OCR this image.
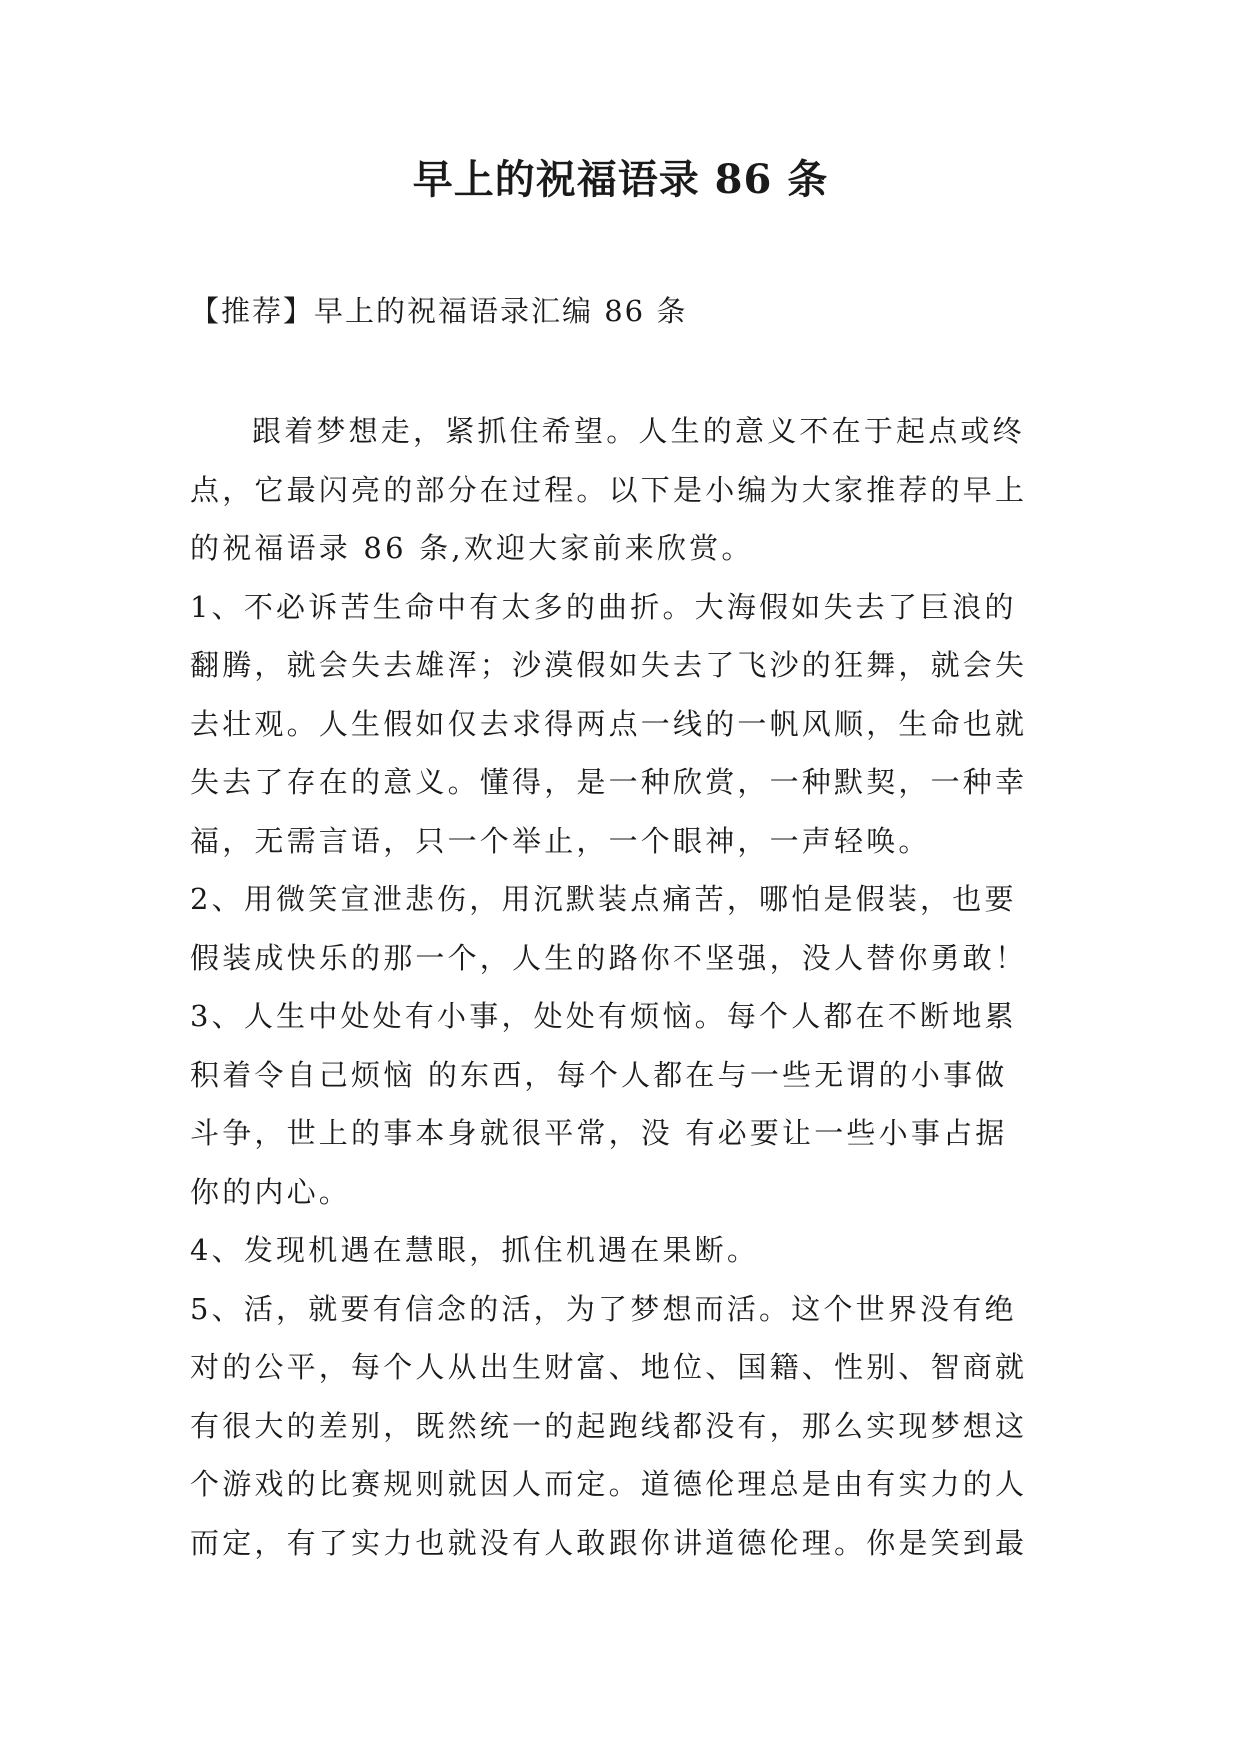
早上的祝福语录 86 条
【推荐】早上的祝福语录汇编 86 条
跟着梦想走，紧抓住希望。人生的意义不在于起点或终
点，它最闪亮的部分在过程。以下是小编为大家推荐的早上
的祝福语录 86 条,欢迎大家前来欣赏。
1、不必诉苦生命中有太多的曲折。大海假如失去了巨浪的
翻腾，就会失去雄浑；沙漠假如失去了飞沙的狂舞，就会失
去壮观。人生假如仅去求得两点一线的一帆风顺，生命也就
失去了存在的意义。懂得，是一种欣赏，一种默契，一种幸
福，无需言语，只一个举止，一个眼神，一声轻唤。
2、用微笑宣泄悲伤，用沉默装点痛苦，哪怕是假装，也要
假装成快乐的那一个，人生的路你不坚强，没人替你勇敢！
3、人生中处处有小事，处处有烦恼。每个人都在不断地累
积着令自己烦恼 的东西，每个人都在与一些无谓的小事做
斗争，世上的事本身就很平常，没 有必要让一些小事占据
你的内心。
4、发现机遇在慧眼，抓住机遇在果断。
5、活，就要有信念的活，为了梦想而活。这个世界没有绝
对的公平，每个人从出生财富、地位、国籍、性别、智商就
有很大的差别，既然统一的起跑线都没有，那么实现梦想这
个游戏的比赛规则就因人而定。道德伦理总是由有实力的人
而定，有了实力也就没有人敢跟你讲道德伦理。你是笑到最
